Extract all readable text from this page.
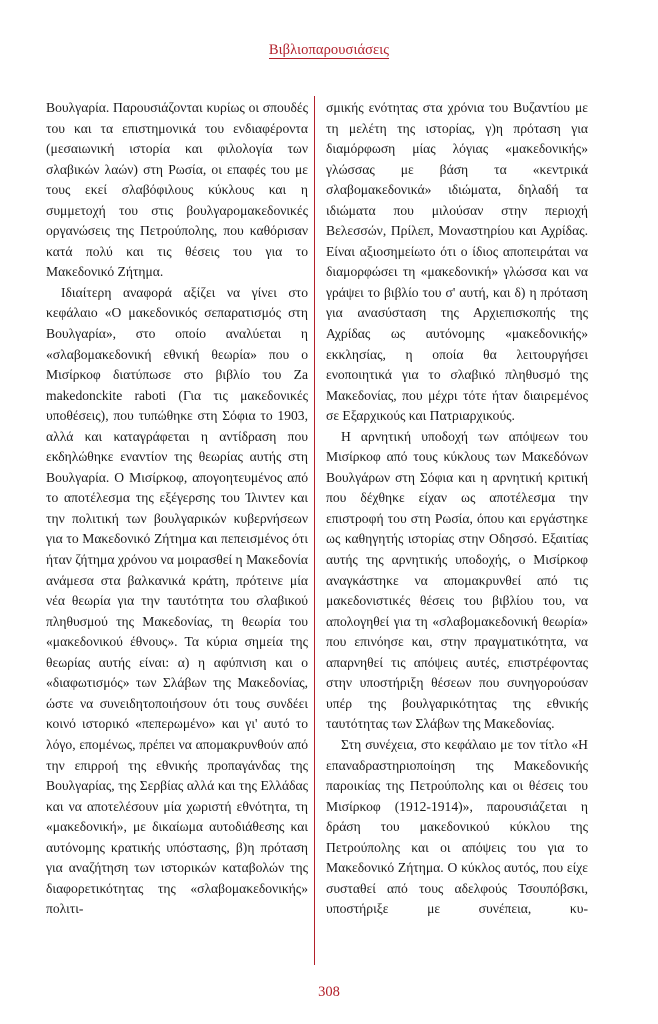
Βιβλιοπαρουσιάσεις

Βουλγαρία. Παρουσιάζονται κυρίως οι σπουδές του και τα επιστημονικά του ενδιαφέροντα (μεσαιωνική ιστορία και φιλολογία των σλαβικών λαών) στη Ρωσία, οι επαφές του με τους εκεί σλαβόφιλους κύκλους και η συμμετοχή του στις βουλγαρομακεδονικές οργανώσεις της Πετρούπολης, που καθόρισαν κατά πολύ και τις θέσεις του για το Μακεδονικό Ζήτημα.

Ιδιαίτερη αναφορά αξίζει να γίνει στο κεφάλαιο «Ο μακεδονικός σεπαρατισμός στη Βουλγαρία», στο οποίο αναλύεται η «σλαβομακεδονική εθνική θεωρία» που ο Μισίρκοφ διατύπωσε στο βιβλίο του Za makedonckite raboti (Για τις μακεδονικές υποθέσεις), που τυπώθηκε στη Σόφια το 1903, αλλά και καταγράφεται η αντίδραση που εκδηλώθηκε εναντίον της θεωρίας αυτής στη Βουλγαρία. Ο Μισίρκοφ, απογοητευμένος από το αποτέλεσμα της εξέγερσης του Ίλιντεν και την πολιτική των βουλγαρικών κυβερνήσεων για το Μακεδονικό Ζήτημα και πεπεισμένος ότι ήταν ζήτημα χρόνου να μοιρασθεί η Μακεδονία ανάμεσα στα βαλκανικά κράτη, πρότεινε μία νέα θεωρία για την ταυτότητα του σλαβικού πληθυσμού της Μακεδονίας, τη θεωρία του «μακεδονικού έθνους». Τα κύρια σημεία της θεωρίας αυτής είναι: α) η αφύπνιση και ο «διαφωτισμός» των Σλάβων της Μακεδονίας, ώστε να συνειδητοποιήσουν ότι τους συνδέει κοινό ιστορικό «πεπερωμένο» και γι' αυτό το λόγο, επομένως, πρέπει να απομακρυνθούν από την επιρροή της εθνικής προπαγάνδας της Βουλγαρίας, της Σερβίας αλλά και της Ελλάδας και να αποτελέσουν μία χωριστή εθνότητα, τη «μακεδονική», με δικαίωμα αυτοδιάθεσης και αυτόνομης κρατικής υπόστασης, β)η πρόταση για αναζήτηση των ιστορικών καταβολών της διαφορετικότητας της «σλαβομακεδονικής» πολιτι-

σμικής ενότητας στα χρόνια του Βυζαντίου με τη μελέτη της ιστορίας, γ)η πρόταση για διαμόρφωση μίας λόγιας «μακεδονικής» γλώσσας με βάση τα «κεντρικά σλαβομακεδονικά» ιδιώματα, δηλαδή τα ιδιώματα που μιλούσαν στην περιοχή Βελεσσών, Πρίλεπ, Μοναστηρίου και Αχρίδας. Είναι αξιοσημείωτο ότι ο ίδιος αποπειράται να διαμορφώσει τη «μακεδονική» γλώσσα και να γράψει το βιβλίο του σ' αυτή, και δ) η πρόταση για ανασύσταση της Αρχιεπισκοπής της Αχρίδας ως αυτόνομης «μακεδονικής» εκκλησίας, η οποία θα λειτουργήσει ενοποιητικά για το σλαβικό πληθυσμό της Μακεδονίας, που μέχρι τότε ήταν διαιρεμένος σε Εξαρχικούς και Πατριαρχικούς.

Η αρνητική υποδοχή των απόψεων του Μισίρκοφ από τους κύκλους των Μακεδόνων Βουλγάρων στη Σόφια και η αρνητική κριτική που δέχθηκε είχαν ως αποτέλεσμα την επιστροφή του στη Ρωσία, όπου και εργάστηκε ως καθηγητής ιστορίας στην Οδησσό. Εξαιτίας αυτής της αρνητικής υποδοχής, ο Μισίρκοφ αναγκάστηκε να απομακρυνθεί από τις μακεδονιστικές θέσεις του βιβλίου του, να απολογηθεί για τη «σλαβομακεδονική θεωρία» που επινόησε και, στην πραγματικότητα, να απαρνηθεί τις απόψεις αυτές, επιστρέφοντας στην υποστήριξη θέσεων που συνηγορούσαν υπέρ της βουλγαρικότητας της εθνικής ταυτότητας των Σλάβων της Μακεδονίας.

Στη συνέχεια, στο κεφάλαιο με τον τίτλο «Η επαναδραστηριοποίηση της Μακεδονικής παροικίας της Πετρούπολης και οι θέσεις του Μισίρκοφ (1912-1914)», παρουσιάζεται η δράση του μακεδονικού κύκλου της Πετρούπολης και οι απόψεις του για το Μακεδονικό Ζήτημα. Ο κύκλος αυτός, που είχε συσταθεί από τους αδελφούς Τσουπόβσκι, υποστήριξε με συνέπεια, κυ-

308
